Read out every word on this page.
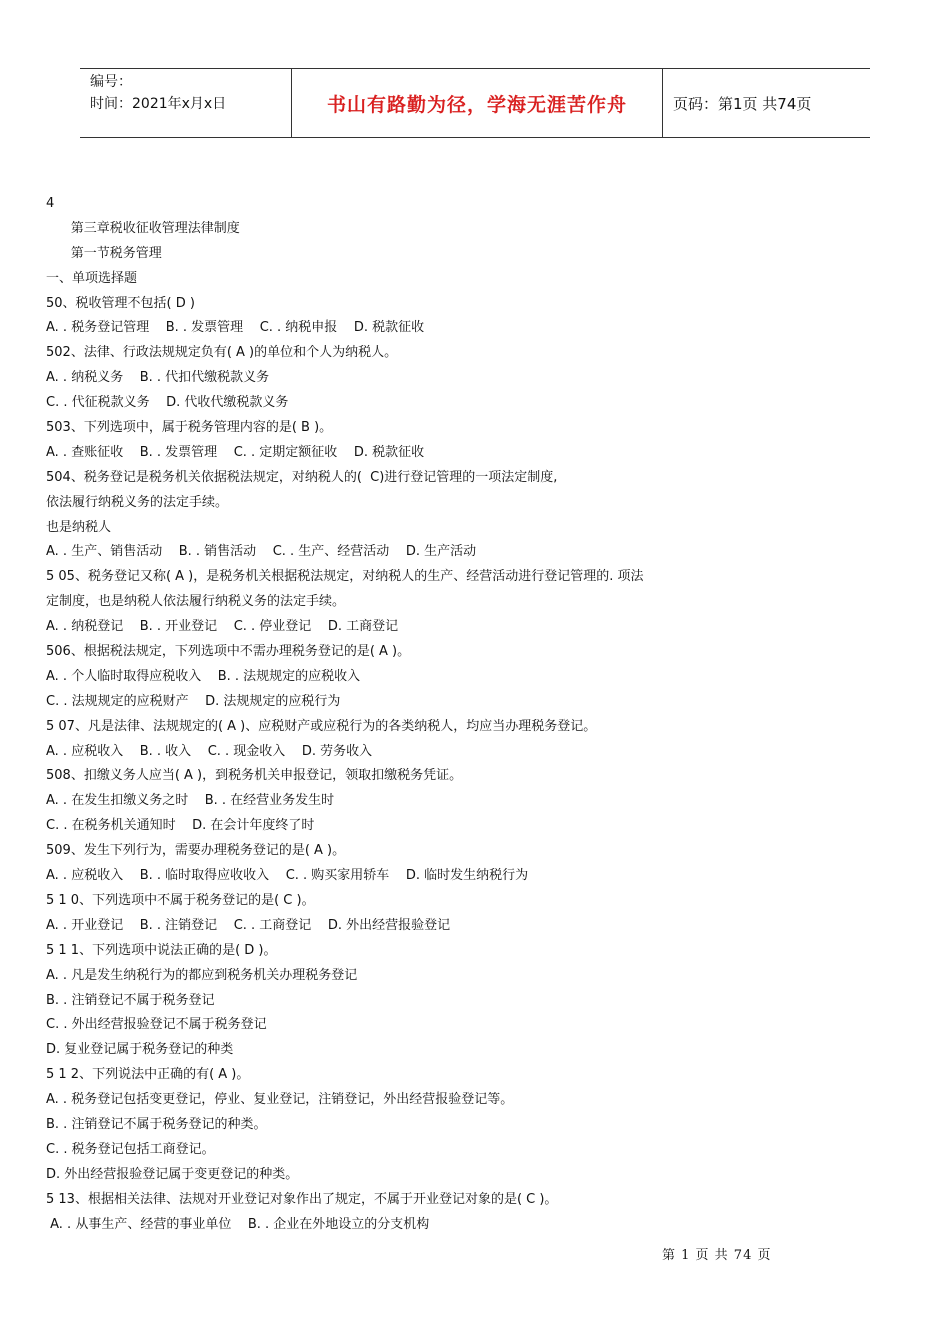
编号：
时间：2021年x月x日	书山有路勤为径，学海无涯苦作舟	页码：第1页 共74页
4
第三章税收征收管理法律制度
第一节税务管理
一、单项选择题
50、税收管理不包括( D )
A. . 税务登记管理    B. . 发票管理    C. . 纳税申报    D. 税款征收
502、法律、行政法规规定负有( A )的单位和个人为纳税人。
A. . 纳税义务    B. . 代扣代缴税款义务
C. . 代征税款义务    D. 代收代缴税款义务
503、下列选项中，属于税务管理内容的是( B )。
A. . 查账征收    B. . 发票管理    C. . 定期定额征收    D. 税款征收
504、税务登记是税务机关依据税法规定，对纳税人的(  C)进行登记管理的一项法定制度,
依法履行纳税义务的法定手续。
也是纳税人
A. . 生产、销售活动    B. . 销售活动    C. . 生产、经营活动    D. 生产活动
5 05、税务登记又称( A )，是税务机关根据税法规定，对纳税人的生产、经营活动进行登记管理的. 项法
定制度，也是纳税人依法履行纳税义务的法定手续。
A. . 纳税登记    B. . 开业登记    C. . 停业登记    D. 工商登记
506、根据税法规定，下列选项中不需办理税务登记的是( A )。
A. . 个人临时取得应税收入    B. . 法规规定的应税收入
C. . 法规规定的应税财产    D. 法规规定的应税行为
5 07、凡是法律、法规规定的( A )、应税财产或应税行为的各类纳税人，均应当办理税务登记。
A. . 应税收入    B. . 收入    C. . 现金收入    D. 劳务收入
508、扣缴义务人应当( A )，到税务机关申报登记，领取扣缴税务凭证。
A. . 在发生扣缴义务之时    B. . 在经营业务发生时
C. . 在税务机关通知时    D. 在会计年度终了时
509、发生下列行为，需要办理税务登记的是( A )。
A. . 应税收入    B. . 临时取得应收收入    C. . 购买家用轿车    D. 临时发生纳税行为
5 1 0、下列选项中不属于税务登记的是( C )。
A. . 开业登记    B. . 注销登记    C. . 工商登记    D. 外出经营报验登记
5 1 1、下列选项中说法正确的是( D )。
A. . 凡是发生纳税行为的都应到税务机关办理税务登记
B. . 注销登记不属于税务登记
C. . 外出经营报验登记不属于税务登记
D. 复业登记属于税务登记的种类
5 1 2、下列说法中正确的有( A )。
A. . 税务登记包括变更登记，停业、复业登记，注销登记，外出经营报验登记等。
B. . 注销登记不属于税务登记的种类。
C. . 税务登记包括工商登记。
D. 外出经营报验登记属于变更登记的种类。
5 13、根据相关法律、法规对开业登记对象作出了规定，不属于开业登记对象的是( C )。
A. . 从事生产、经营的事业单位    B. . 企业在外地设立的分支机构
第 1 页 共 74 页
